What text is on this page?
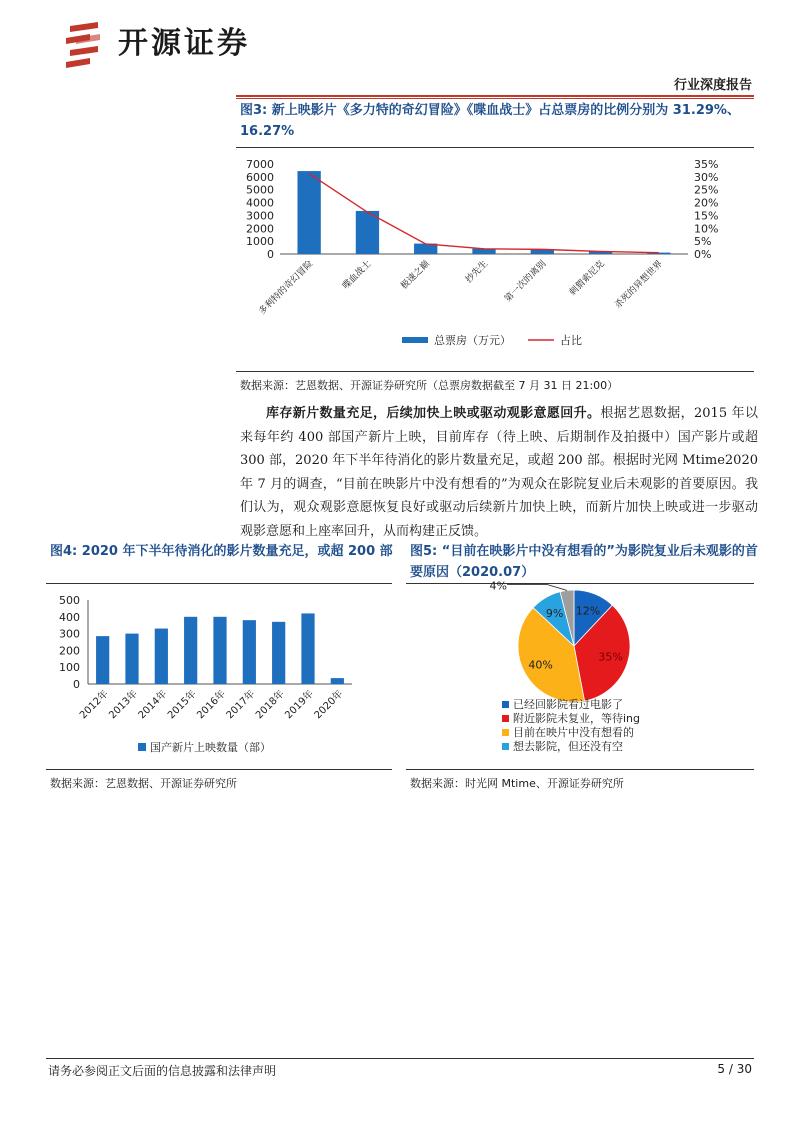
开源证券
行业深度报告
图3: 新上映影片《多力特的奇幻冒险》《喋血战士》占总票房的比例分别为 31.29%、16.27%
0
1000
2000
3000
4000
5000
6000
7000
0%
5%
10%
15%
20%
25%
30%
35%
多利特的奇幻冒险	喋血战士	极速之巅	抄先生 第一次的离别 刺猬索尼克 杀死的异想世界
总票房（万元）	占比
数据来源：艺恩数据、开源证券研究所（总票房数据截至 7 月 31 日 21:00）
库存新片数量充足，后续加快上映或驱动观影意愿回升。根据艺恩数据，2015 年以来每年约 400 部国产新片上映，目前库存（待上映、后期制作及拍摄中）国产影片或超 300 部，2020 年下半年待消化的影片数量充足，或超 200 部。根据时光网 Mtime2020 年 7 月的调查，“目前在映影片中没有想看的”为观众在影院复业后未观影的首要原因。我们认为，观众观影意愿恢复良好或驱动后续新片加快上映，而新片加快上映或进一步驱动观影意愿和上座率回升，从而构建正反馈。
图4: 2020 年下半年待消化的影片数量充足，或超 200 部
0
100
200
300
400
500
2012年
2013年
2014年
2015年
2016年
2017年
2018年
2019年
2020年
国产新片上映数量（部）
数据来源：艺恩数据、开源证券研究所
图5: “目前在映影片中没有想看的”为影院复业后未观影的首要原因（2020.07）
12%
35%
40%
9%
4%
已经回影院看过电影了
附近影院未复业，等待ing
目前在映片中没有想看的
想去影院，但还没有空
数据来源：时光网 Mtime、开源证券研究所
请务必参阅正文后面的信息披露和法律声明	5 / 30
